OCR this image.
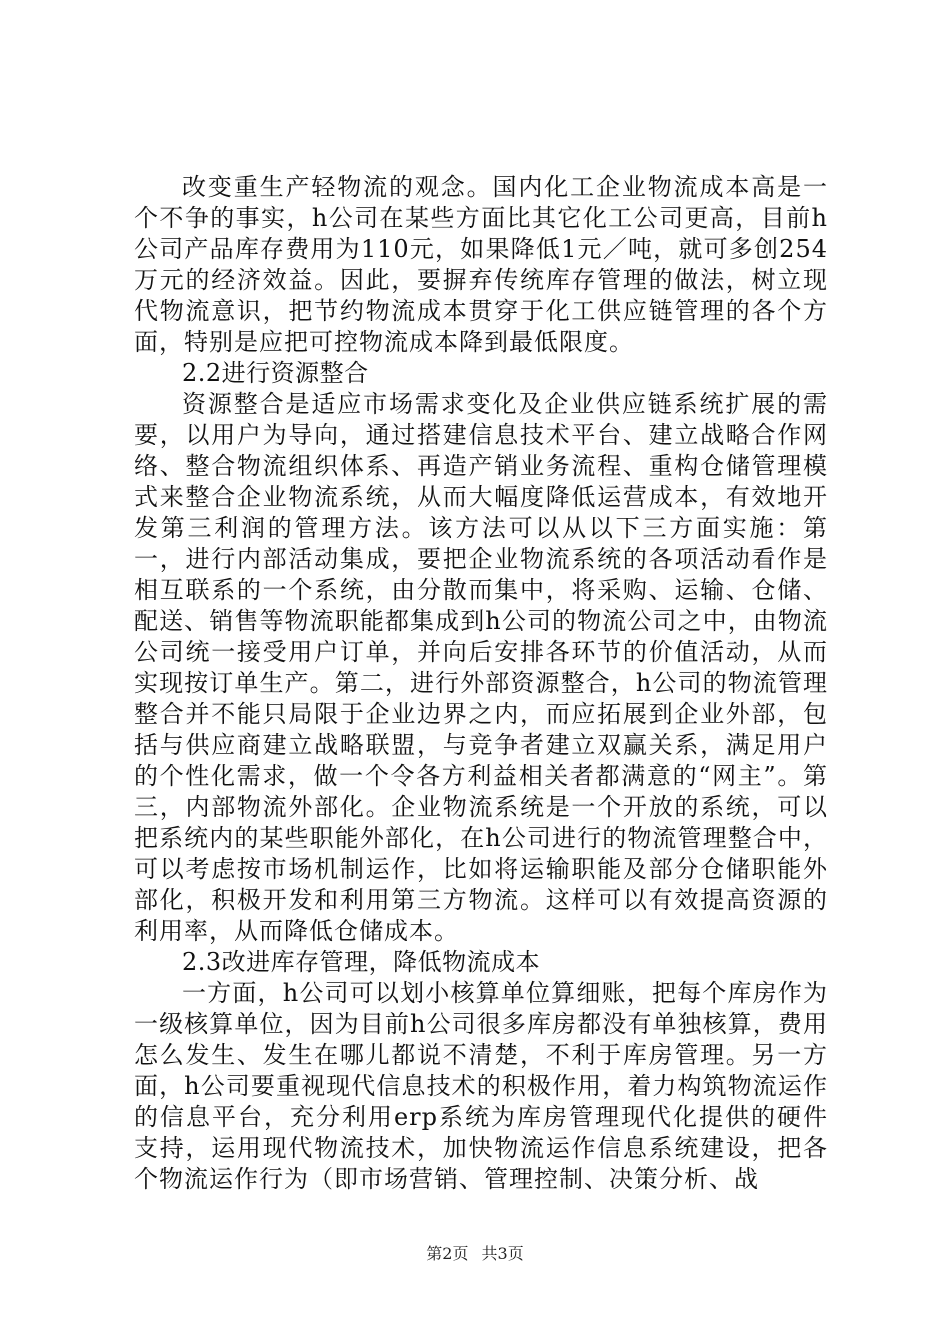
改变重生产轻物流的观念。国内化工企业物流成本高是一个不争的事实，h公司在某些方面比其它化工公司更高，目前h公司产品库存费用为110元，如果降低1元／吨，就可多创254万元的经济效益。因此，要摒弃传统库存管理的做法，树立现代物流意识，把节约物流成本贯穿于化工供应链管理的各个方面，特别是应把可控物流成本降到最低限度。

2.2进行资源整合

资源整合是适应市场需求变化及企业供应链系统扩展的需要，以用户为导向，通过搭建信息技术平台、建立战略合作网络、整合物流组织体系、再造产销业务流程、重构仓储管理模式来整合企业物流系统，从而大幅度降低运营成本，有效地开发第三利润的管理方法。该方法可以从以下三方面实施：第一，进行内部活动集成，要把企业物流系统的各项活动看作是相互联系的一个系统，由分散而集中，将采购、运输、仓储、配送、销售等物流职能都集成到h公司的物流公司之中，由物流公司统一接受用户订单，并向后安排各环节的价值活动，从而实现按订单生产。第二，进行外部资源整合，h公司的物流管理整合并不能只局限于企业边界之内，而应拓展到企业外部，包括与供应商建立战略联盟，与竞争者建立双赢关系，满足用户的个性化需求，做一个令各方利益相关者都满意的“网主”。第三，内部物流外部化。企业物流系统是一个开放的系统，可以把系统内的某些职能外部化，在h公司进行的物流管理整合中，可以考虑按市场机制运作，比如将运输职能及部分仓储职能外部化，积极开发和利用第三方物流。这样可以有效提高资源的利用率，从而降低仓储成本。

2.3改进库存管理，降低物流成本

一方面，h公司可以划小核算单位算细账，把每个库房作为一级核算单位，因为目前h公司很多库房都没有单独核算，费用怎么发生、发生在哪儿都说不清楚，不利于库房管理。另一方面，h公司要重视现代信息技术的积极作用，着力构筑物流运作的信息平台，充分利用erp系统为库房管理现代化提供的硬件支持，运用现代物流技术，加快物流运作信息系统建设，把各个物流运作行为（即市场营销、管理控制、决策分析、战

第2页 共3页
